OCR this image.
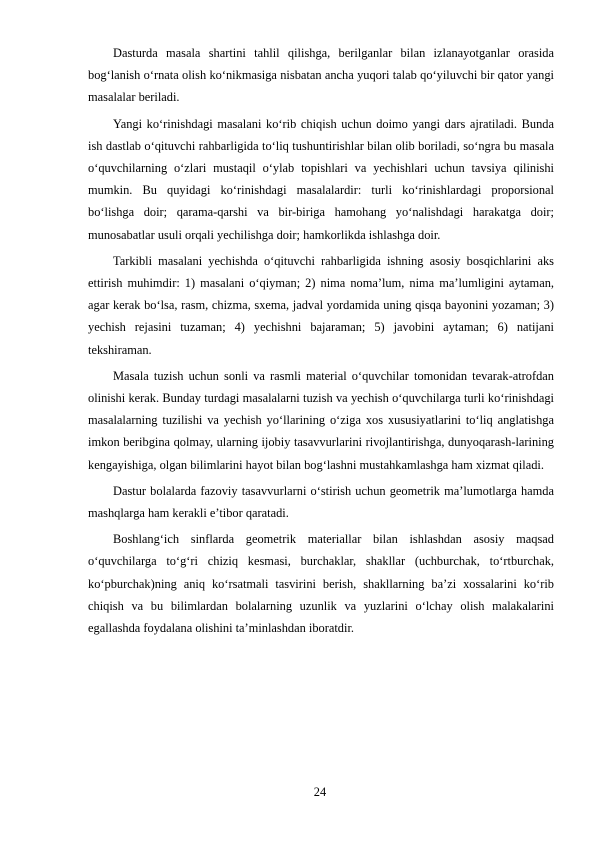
Dasturda masala shartini tahlil qilishga, berilganlar bilan izlanayotganlar orasida bog‘lanish o‘rnata olish ko‘nikmasiga nisbatan ancha yuqori talab qo‘yiluvchi bir qator yangi masalalar beriladi.

Yangi ko‘rinishdagi masalani ko‘rib chiqish uchun doimo yangi dars ajratiladi. Bunda ish dastlab o‘qituvchi rahbarligida to‘liq tushuntirishlar bilan olib boriladi, so‘ngra bu masala o‘quvchilarning o‘zlari mustaqil o‘ylab topishlari va yechishlari uchun tavsiya qilinishi mumkin. Bu quyidagi ko‘rinishdagi masalalardir: turli ko‘rinishlardagi proporsional bo‘lishga doir; qarama-qarshi va bir-biriga hamohang yo‘nalishdagi harakatga doir; munosabatlar usuli orqali yechilishga doir; hamkorlikda ishlashga doir.

Tarkibli masalani yechishda o‘qituvchi rahbarligida ishning asosiy bosqichlarini aks ettirish muhimdir: 1) masalani o‘qiyman; 2) nima noma’lum, nima ma’lumligini aytaman, agar kerak bo‘lsa, rasm, chizma, sxema, jadval yordamida uning qisqa bayonini yozaman; 3) yechish rejasini tuzaman; 4) yechishni bajaraman; 5) javobini aytaman; 6) natijani tekshiraman.

Masala tuzish uchun sonli va rasmli material o‘quvchilar tomonidan tevarak-atrofdan olinishi kerak. Bunday turdagi masalalarni tuzish va yechish o‘quvchilarga turli ko‘rinishdagi masalalarning tuzilishi va yechish yo‘llarining o‘ziga xos xususiyatlarini to‘liq anglatishga imkon beribgina qolmay, ularning ijobiy tasavvurlarini rivojlantirishga, dunyoqarash-larining kengayishiga, olgan bilimlarini hayot bilan bog‘lashni mustahkamlashga ham xizmat qiladi.

Dastur bolalarda fazoviy tasavvurlarni o‘stirish uchun geometrik ma’lumotlarga hamda mashqlarga ham kerakli e’tibor qaratadi.

Boshlang‘ich sinflarda geometrik materiallar bilan ishlashdan asosiy maqsad o‘quvchilarga to‘g‘ri chiziq kesmasi, burchaklar, shakllar (uchburchak, to‘rtburchak, ko‘pburchak)ning aniq ko‘rsatmali tasvirini berish, shakllarning ba’zi xossalarini ko‘rib chiqish va bu bilimlardan bolalarning uzunlik va yuzlarini o‘lchay olish malakalarini egallashda foydalana olishini ta’minlashdan iboratdir.

24
